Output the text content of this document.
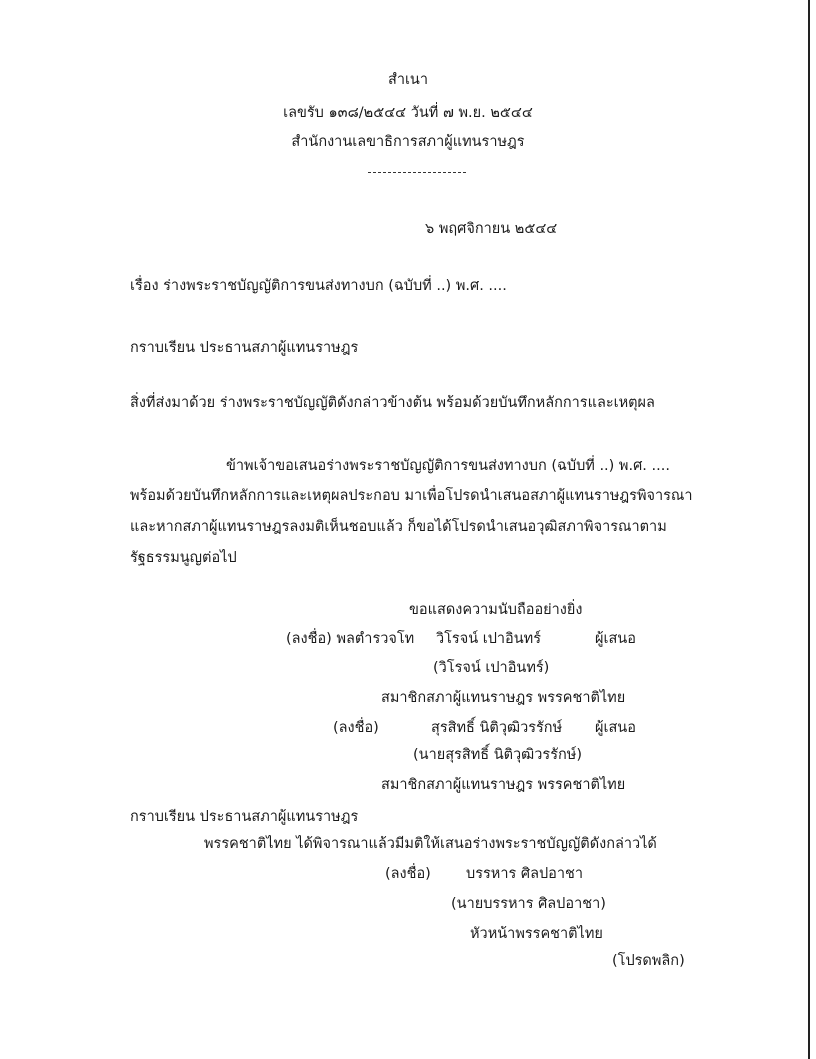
สำเนา
เลขรับ ๑๓๘/๒๕๔๔ วันที่ ๗ พ.ย. ๒๕๔๔
สำนักงานเลขาธิการสภาผู้แทนราษฎร
๖ พฤศจิกายน ๒๕๔๔
เรื่อง ร่างพระราชบัญญัติการขนส่งทางบก (ฉบับที่ ..) พ.ศ. ....
กราบเรียน ประธานสภาผู้แทนราษฎร
สิ่งที่ส่งมาด้วย ร่างพระราชบัญญัติดังกล่าวข้างต้น พร้อมด้วยบันทึกหลักการและเหตุผล
ข้าพเจ้าขอเสนอร่างพระราชบัญญัติการขนส่งทางบก (ฉบับที่ ..) พ.ศ. ....
พร้อมด้วยบันทึกหลักการและเหตุผลประกอบ มาเพื่อโปรดนำเสนอสภาผู้แทนราษฎรพิจารณา
และหากสภาผู้แทนราษฎรลงมติเห็นชอบแล้ว ก็ขอได้โปรดนำเสนอวุฒิสภาพิจารณาตาม
รัฐธรรมนูญต่อไป
ขอแสดงความนับถืออย่างยิ่ง
(ลงชื่อ) พลตำรวจโท วิโรจน์ เปาอินทร์	ผู้เสนอ
(วิโรจน์ เปาอินทร์)
สมาชิกสภาผู้แทนราษฎร พรรคชาติไทย
(ลงชื่อ)	สุรสิทธิ์ นิติวุฒิวรรักษ์ ผู้เสนอ
(นายสุรสิทธิ์ นิติวุฒิวรรักษ์)
สมาชิกสภาผู้แทนราษฎร พรรคชาติไทย
กราบเรียน ประธานสภาผู้แทนราษฎร
พรรคชาติไทย ได้พิจารณาแล้วมีมติให้เสนอร่างพระราชบัญญัติดังกล่าวได้
(ลงชื่อ) บรรหาร ศิลปอาชา
(นายบรรหาร ศิลปอาชา)
หัวหน้าพรรคชาติไทย
(โปรดพลิก)
